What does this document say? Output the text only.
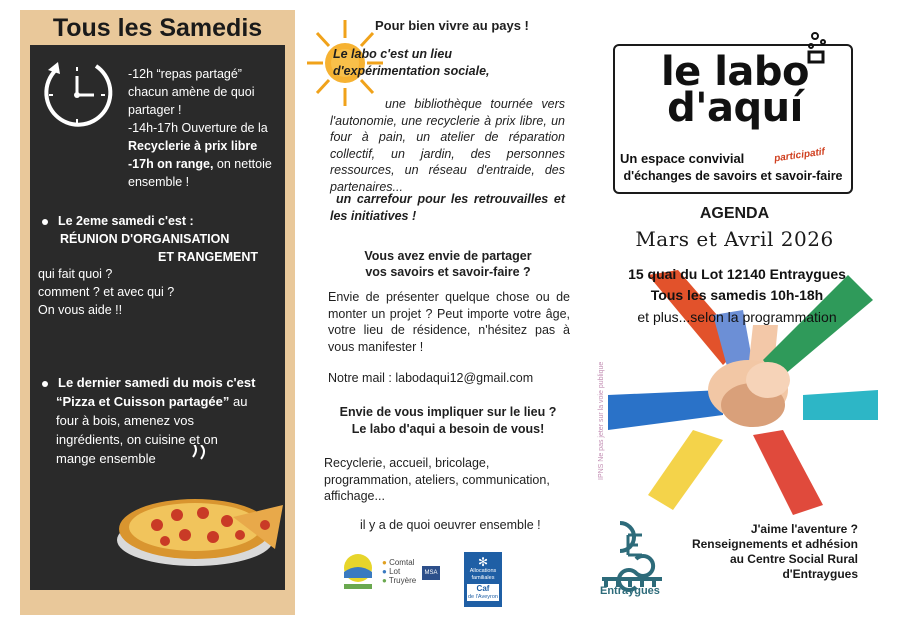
Tous les Samedis
-12h “repas partagé”
chacun amène de quoi
partager !
-14h-17h Ouverture de la
Recyclerie à prix libre
-17h on range, on nettoie
ensemble !
Le 2eme samedi c'est :
RÉUNION D'ORGANISATION
ET RANGEMENT
qui fait quoi ?
comment ? et avec qui ?
On vous aide !!
Le dernier samedi du mois c'est
“Pizza et Cuisson partagée” au
four à bois, amenez vos
ingrédients, on cuisine et on
mange ensemble
Pour bien vivre au pays !
Le labo c'est un lieu
d'expérimentation sociale,
une bibliothèque tournée vers l'autonomie, une recyclerie à prix libre, un four à pain, un atelier de réparation collectif, un jardin, des personnes ressources, un réseau d'entraide, des partenaires...
un carrefour pour les retrouvailles et les initiatives !
Vous avez envie de partager
vos savoirs et savoir-faire ?
Envie de présenter quelque chose ou de monter un projet ? Peut importe votre âge, votre lieu de résidence, n'hésitez pas à vous manifester !
Notre mail : labodaqui12@gmail.com
Envie de vous impliquer sur le lieu ?
Le labo d'aqui a besoin de vous!
Recyclerie, accueil, bricolage, programmation, ateliers, communication, affichage...
il y a de quoi oeuvrer ensemble !
● Comtal
● Lot
● Truyère
MSA
✻
Allocations
familiales
Caf
de l'Aveyron
le labo
d'aquí
Un espace convivial	participatif
d'échanges de savoirs et savoir-faire
AGENDA
Mars et Avril 2026
15 quai du Lot 12140 Entraygues
Tous les samedis 10h-18h
et plus...selon la programmation
IPNS Ne pas jeter sur la voie publique
Entraygues
J'aime l'aventure ?
Renseignements et adhésion
au Centre Social Rural
d'Entraygues
